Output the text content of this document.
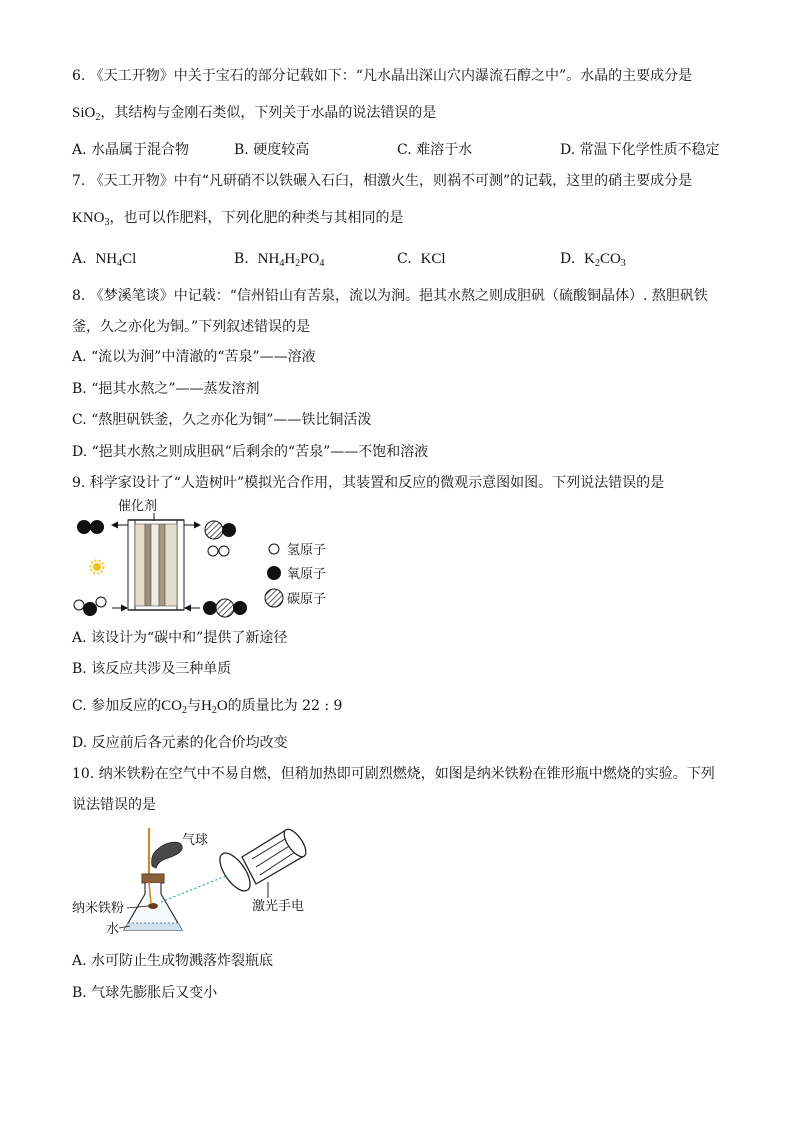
6. 《天工开物》中关于宝石的部分记载如下：“凡水晶出深山穴内瀑流石醇之中”。水晶的主要成分是
SiO$_2$，其结构与金刚石类似，下列关于水晶的说法错误的是
A. 水晶属于混合物	B. 硬度较高	C. 难溶于水	D. 常温下化学性质不稳定
7. 《天工开物》中有“凡研硝不以铁碾入石臼，相激火生，则祸不可测”的记载，这里的硝主要成分是
$KNO_3$，也可以作肥料，下列化肥的种类与其相同的是
A. $NH_4Cl$	B. $NH_4H_2PO_4$	C. KCl	D. $K_2CO_3$
8. 《梦溪笔谈》中记载：“信州铅山有苦泉，流以为涧。挹其水熬之则成胆矾（硫酸铜晶体）. 熬胆矾铁
釜，久之亦化为铜。”下列叙述错误的是
A. “流以为涧”中清澈的“苦泉”——溶液
B. “挹其水熬之”——蒸发溶剂
C. “熬胆矾铁釜，久之亦化为铜”——铁比铜活泼
D. “挹其水熬之则成胆矾”后剩余的“苦泉”——不饱和溶液
9. 科学家设计了“人造树叶”模拟光合作用，其装置和反应的微观示意图如图。下列说法错误的是
催化剂
氢原子
氧原子
碳原子
A. 该设计为“碳中和”提供了新途径
B. 该反应共涉及三种单质
C. 参加反应的$CO_2$与$H_2O$的质量比为 22 : 9
D. 反应前后各元素的化合价均改变
10. 纳米铁粉在空气中不易自燃，但稍加热即可剧烈燃烧，如图是纳米铁粉在锥形瓶中燃烧的实验。下列
说法错误的是
气球
纳米铁粉
水
激光手电
A. 水可防止生成物溅落炸裂瓶底
B. 气球先膨胀后又变小
